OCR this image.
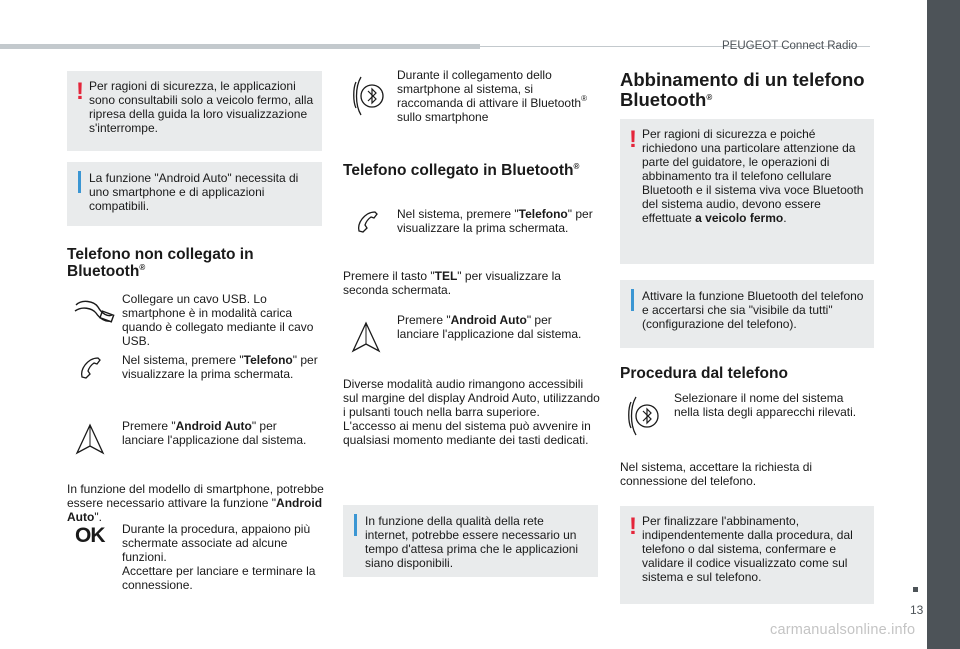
PEUGEOT Connect Radio
13
carmanualsonline.info
! Per ragioni di sicurezza, le applicazioni sono consultabili solo a veicolo fermo, alla ripresa della guida la loro visualizzazione s'interrompe.

La funzione "Android Auto" necessita di uno smartphone e di applicazioni compatibili.

Telefono non collegato in Bluetooth®
Collegare un cavo USB. Lo smartphone è in modalità carica quando è collegato mediante il cavo USB.
Nel sistema, premere "Telefono" per visualizzare la prima schermata.
Premere "Android Auto" per lanciare l'applicazione dal sistema.
In funzione del modello di smartphone, potrebbe essere necessario attivare la funzione "Android Auto".
OK Durante la procedura, appaiono più schermate associate ad alcune funzioni.
Accettare per lanciare e terminare la connessione.
Durante il collegamento dello smartphone al sistema, si raccomanda di attivare il Bluetooth® sullo smartphone
Telefono collegato in Bluetooth®
Nel sistema, premere "Telefono" per visualizzare la prima schermata.
Premere il tasto "TEL" per visualizzare la seconda schermata.
Premere "Android Auto" per lanciare l'applicazione dal sistema.
Diverse modalità audio rimangono accessibili sul margine del display Android Auto, utilizzando i pulsanti touch nella barra superiore.
L'accesso ai menu del sistema può avvenire in qualsiasi momento mediante dei tasti dedicati.

In funzione della qualità della rete internet, potrebbe essere necessario un tempo d'attesa prima che le applicazioni siano disponibili.

Abbinamento di un telefono
Bluetooth®
! Per ragioni di sicurezza e poiché richiedono una particolare attenzione da parte del guidatore, le operazioni di abbinamento tra il telefono cellulare Bluetooth e il sistema viva voce Bluetooth del sistema audio, devono essere effettuate a veicolo fermo.

Attivare la funzione Bluetooth del telefono e accertarsi che sia "visibile da tutti" (configurazione del telefono).

Procedura dal telefono
Selezionare il nome del sistema nella lista degli apparecchi rilevati.
Nel sistema, accettare la richiesta di connessione del telefono.
! Per finalizzare l'abbinamento, indipendentemente dalla procedura, dal telefono o dal sistema, confermare e validare il codice visualizzato come sul sistema e sul telefono.
